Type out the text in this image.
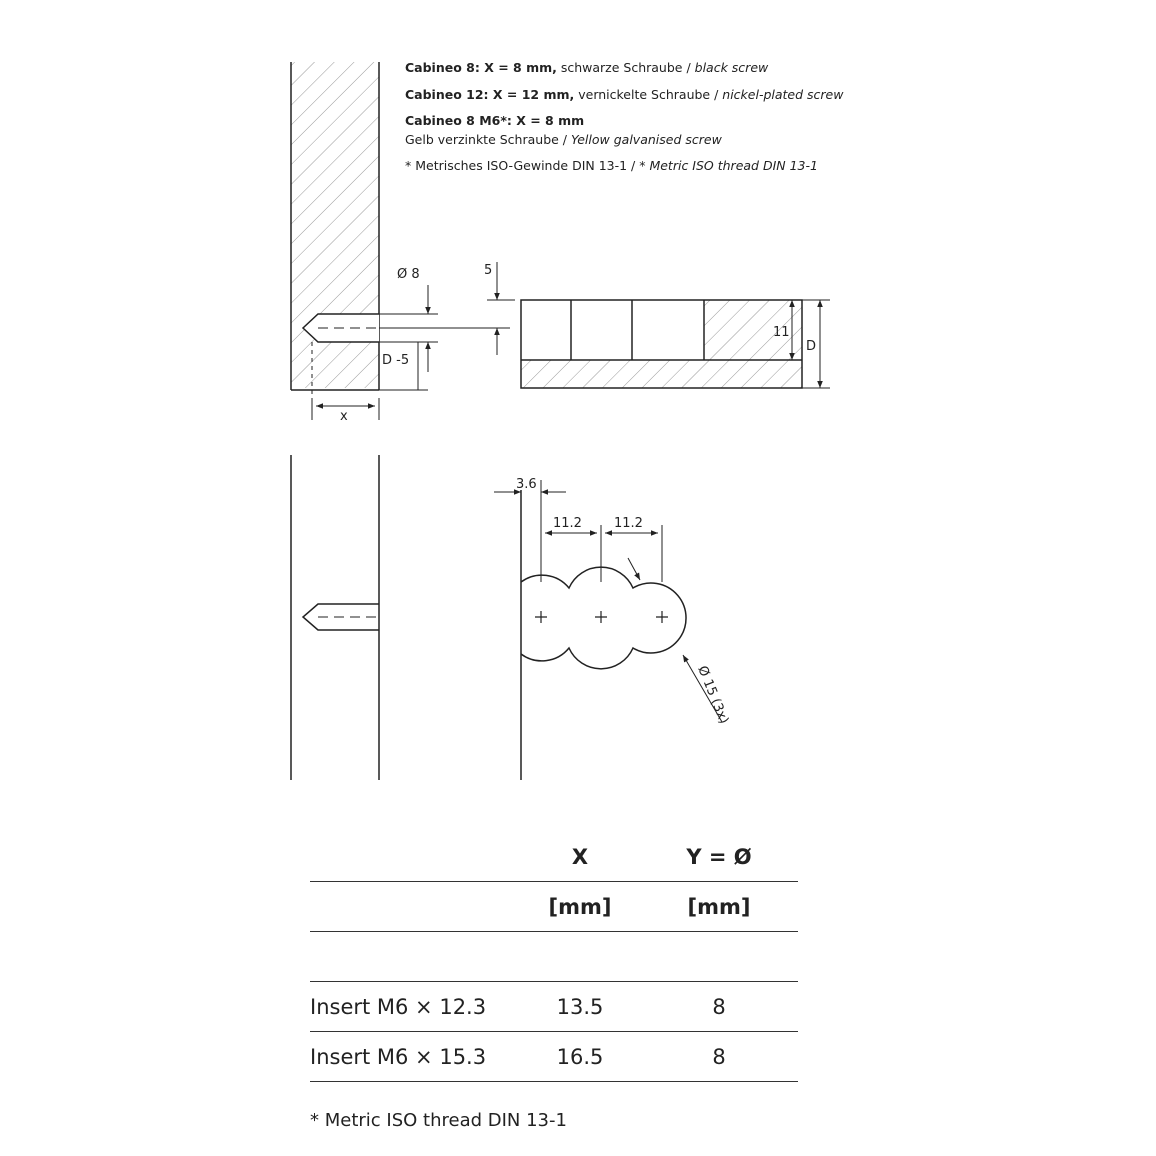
Cabineo 8: X = 8 mm, schwarze Schraube / black screw
Cabineo 12: X = 12 mm, vernickelte Schraube / nickel-plated screw
Cabineo 8 M6*: X = 8 mm
Gelb verzinkte Schraube / Yellow galvanised screw
* Metrisches ISO-Gewinde DIN 13-1 / * Metric ISO thread DIN 13-1
Ø 8	5
D -5
x
11
D
3.6
11.2 11.2
Ø 15 (3x)
	X	Y = Ø
	[mm]	[mm]

Insert M6 × 12.3	13.5	8
Insert M6 × 15.3	16.5	8
* Metric ISO thread DIN 13-1
